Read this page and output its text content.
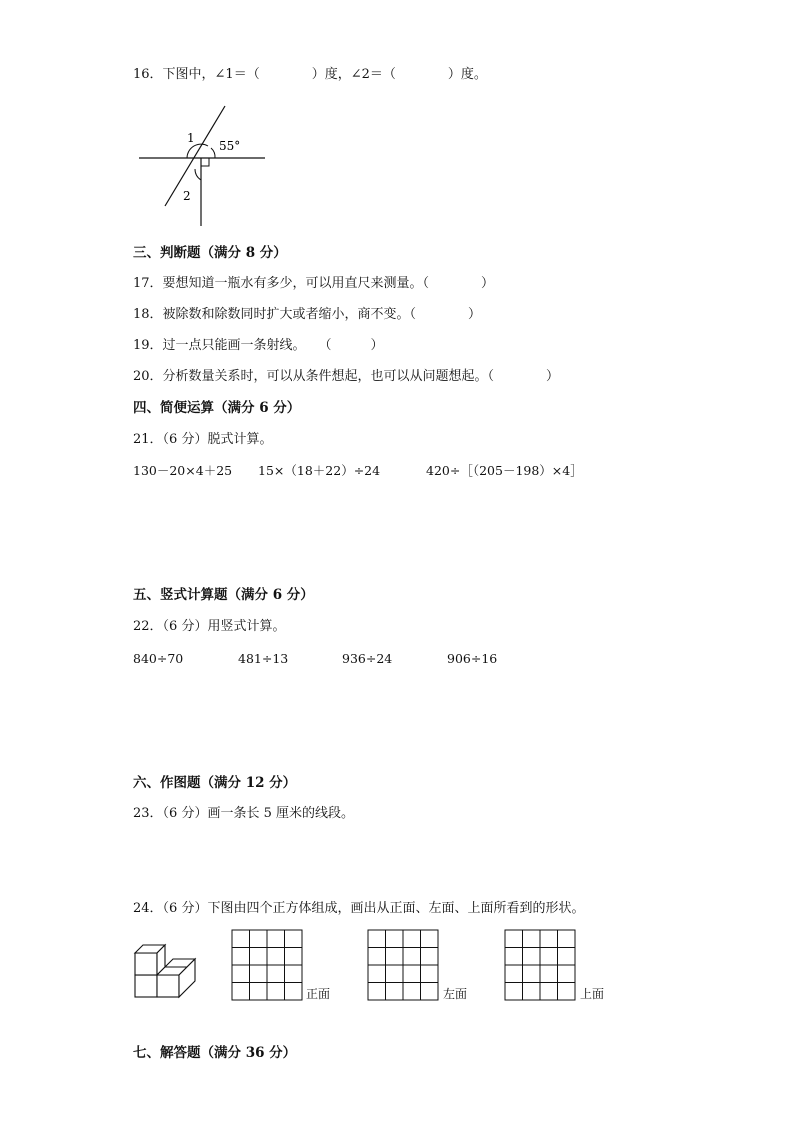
16．下图中，∠1＝（　　　　）度，∠2＝（　　　　）度。
1
55°
2
三、判断题（满分 8 分）
17．要想知道一瓶水有多少，可以用直尺来测量。（　　　　）
18．被除数和除数同时扩大或者缩小，商不变。（　　　　）
19．过一点只能画一条射线。　　（　　　）
20．分析数量关系时，可以从条件想起，也可以从问题想起。（　　　　）
四、简便运算（满分 6 分）
21．（6 分）脱式计算。
130－20×4＋25 15×（18＋22）÷24	420÷［（205－198）×4］
五、竖式计算题（满分 6 分）
22．（6 分）用竖式计算。
840÷70	481÷13	936÷24	906÷16
六、作图题（满分 12 分）
23．（6 分）画一条长 5 厘米的线段。
24．（6 分）下图由四个正方体组成，画出从正面、左面、上面所看到的形状。
正面	左面	上面
七、解答题（满分 36 分）
